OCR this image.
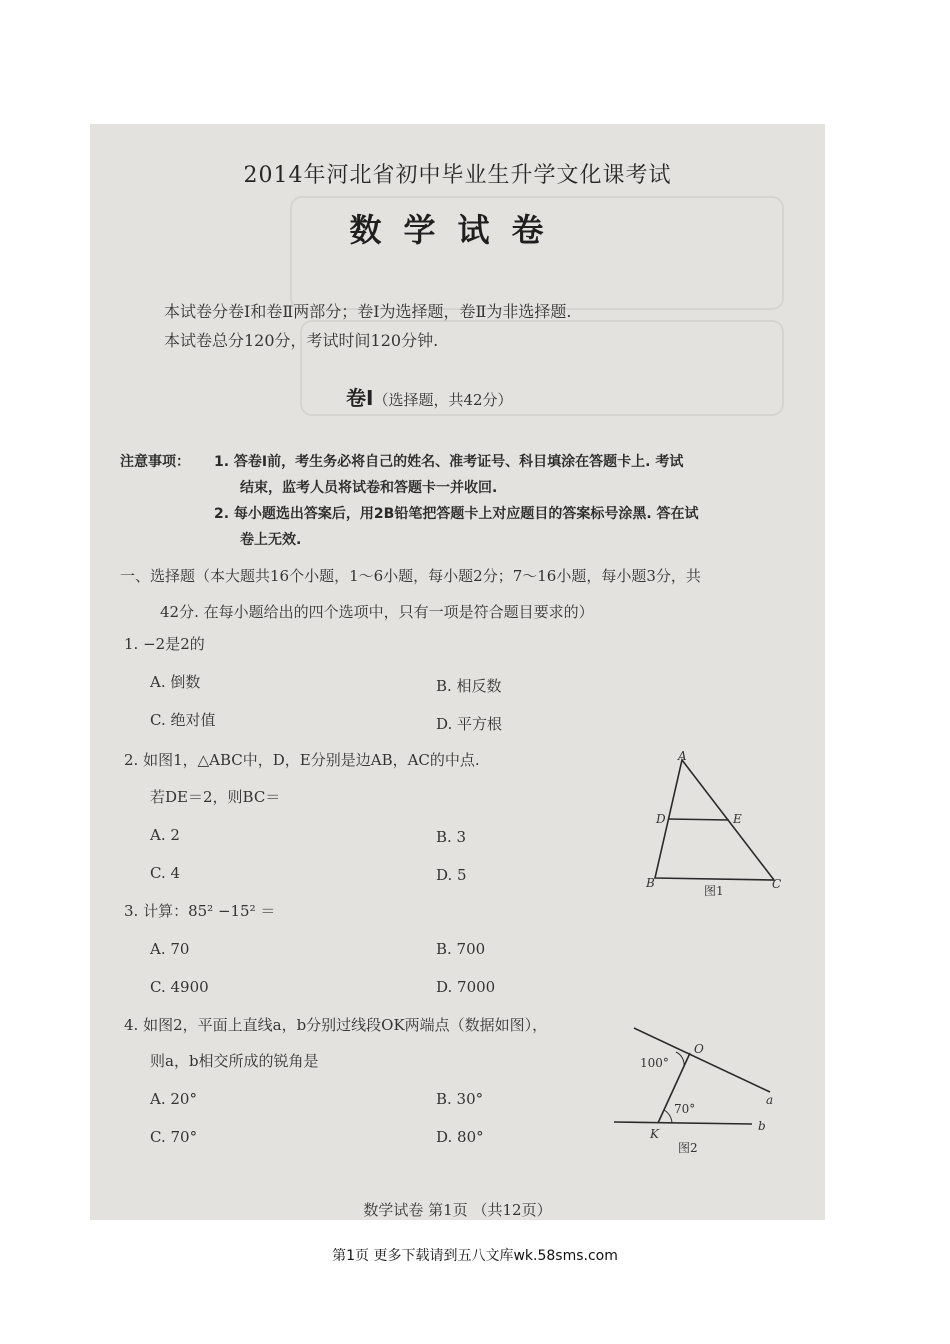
2014年河北省初中毕业生升学文化课考试
数学试卷
本试卷分卷Ⅰ和卷Ⅱ两部分；卷Ⅰ为选择题，卷Ⅱ为非选择题.
本试卷总分120分，考试时间120分钟.
卷Ⅰ（选择题，共42分）
注意事项： 1. 答卷Ⅰ前，考生务必将自己的姓名、准考证号、科目填涂在答题卡上. 考试
结束，监考人员将试卷和答题卡一并收回.
2. 每小题选出答案后，用2B铅笔把答题卡上对应题目的答案标号涂黑. 答在试
卷上无效.
一、选择题（本大题共16个小题，1～6小题，每小题2分；7～16小题，每小题3分，共
42分. 在每小题给出的四个选项中，只有一项是符合题目要求的）
1. −2是2的
A. 倒数	B. 相反数
C. 绝对值	D. 平方根
2. 如图1，△ABC中，D，E分别是边AB，AC的中点.
若DE＝2，则BC＝
A. 2	B. 3
C. 4	D. 5
A
D	E
B	C
图1
3. 计算：85² −15² ＝
A. 70	B. 700
C. 4900	D. 7000
4. 如图2，平面上直线a，b分别过线段OK两端点（数据如图），
则a，b相交所成的锐角是
A. 20°	B. 30°
C. 70°	D. 80°
O
K
a
b
100°
70°
图2
数学试卷 第1页 （共12页）
第1页 更多下载请到五八文库wk.58sms.com
